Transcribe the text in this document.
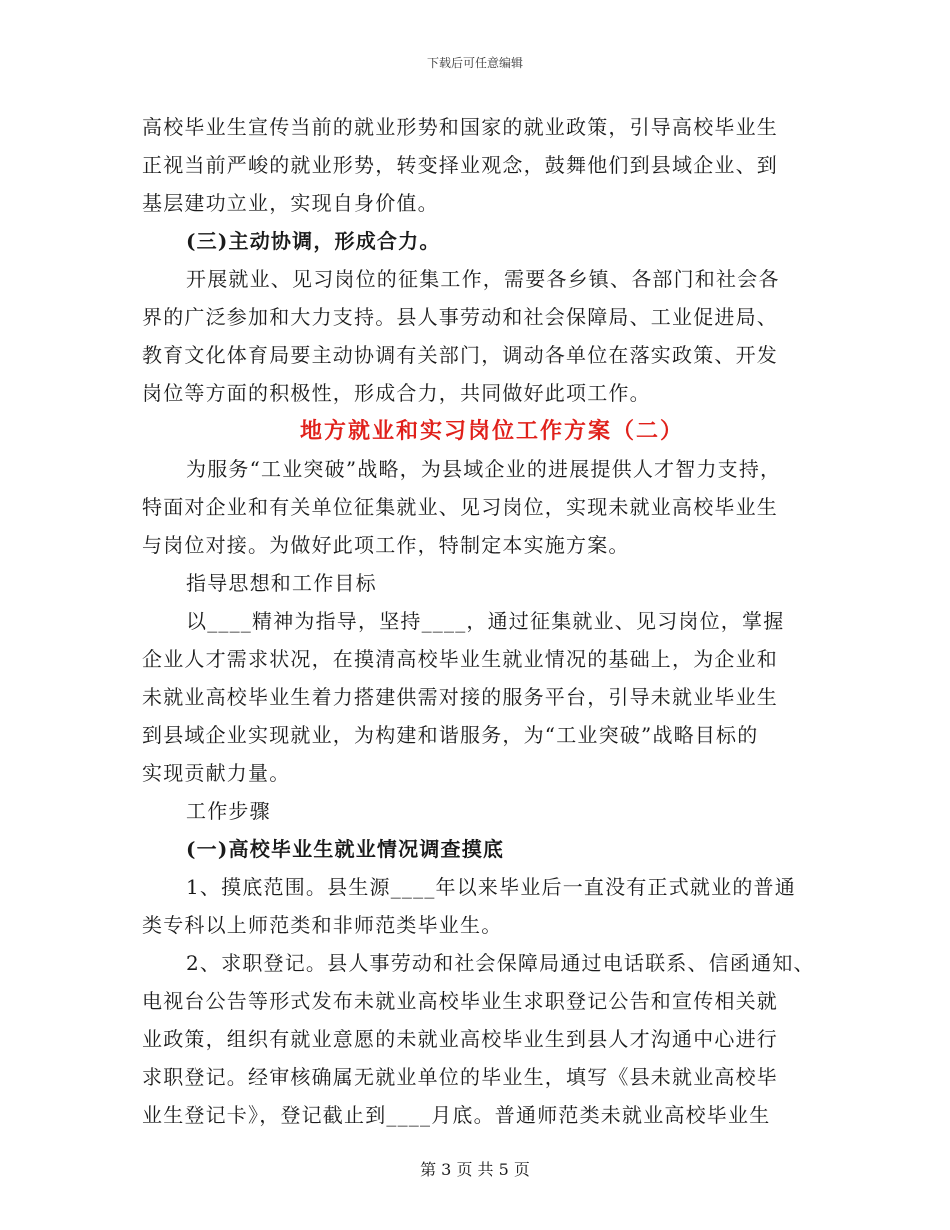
下载后可任意编辑
高校毕业生宣传当前的就业形势和国家的就业政策，引导高校毕业生
正视当前严峻的就业形势，转变择业观念，鼓舞他们到县域企业、到
基层建功立业，实现自身价值。
(三)主动协调，形成合力。
开展就业、见习岗位的征集工作，需要各乡镇、各部门和社会各
界的广泛参加和大力支持。县人事劳动和社会保障局、工业促进局、
教育文化体育局要主动协调有关部门，调动各单位在落实政策、开发
岗位等方面的积极性，形成合力，共同做好此项工作。
地方就业和实习岗位工作方案（二）
为服务“工业突破”战略，为县域企业的进展提供人才智力支持，
特面对企业和有关单位征集就业、见习岗位，实现未就业高校毕业生
与岗位对接。为做好此项工作，特制定本实施方案。
指导思想和工作目标
以____精神为指导，坚持____，通过征集就业、见习岗位，掌握
企业人才需求状况，在摸清高校毕业生就业情况的基础上，为企业和
未就业高校毕业生着力搭建供需对接的服务平台，引导未就业毕业生
到县域企业实现就业，为构建和谐服务，为“工业突破”战略目标的
实现贡献力量。
工作步骤
(一)高校毕业生就业情况调查摸底
1、摸底范围。县生源____年以来毕业后一直没有正式就业的普通
类专科以上师范类和非师范类毕业生。
2、求职登记。县人事劳动和社会保障局通过电话联系、信函通知、
电视台公告等形式发布未就业高校毕业生求职登记公告和宣传相关就
业政策，组织有就业意愿的未就业高校毕业生到县人才沟通中心进行
求职登记。经审核确属无就业单位的毕业生，填写《县未就业高校毕
业生登记卡》，登记截止到____月底。普通师范类未就业高校毕业生
第 3 页 共 5 页
